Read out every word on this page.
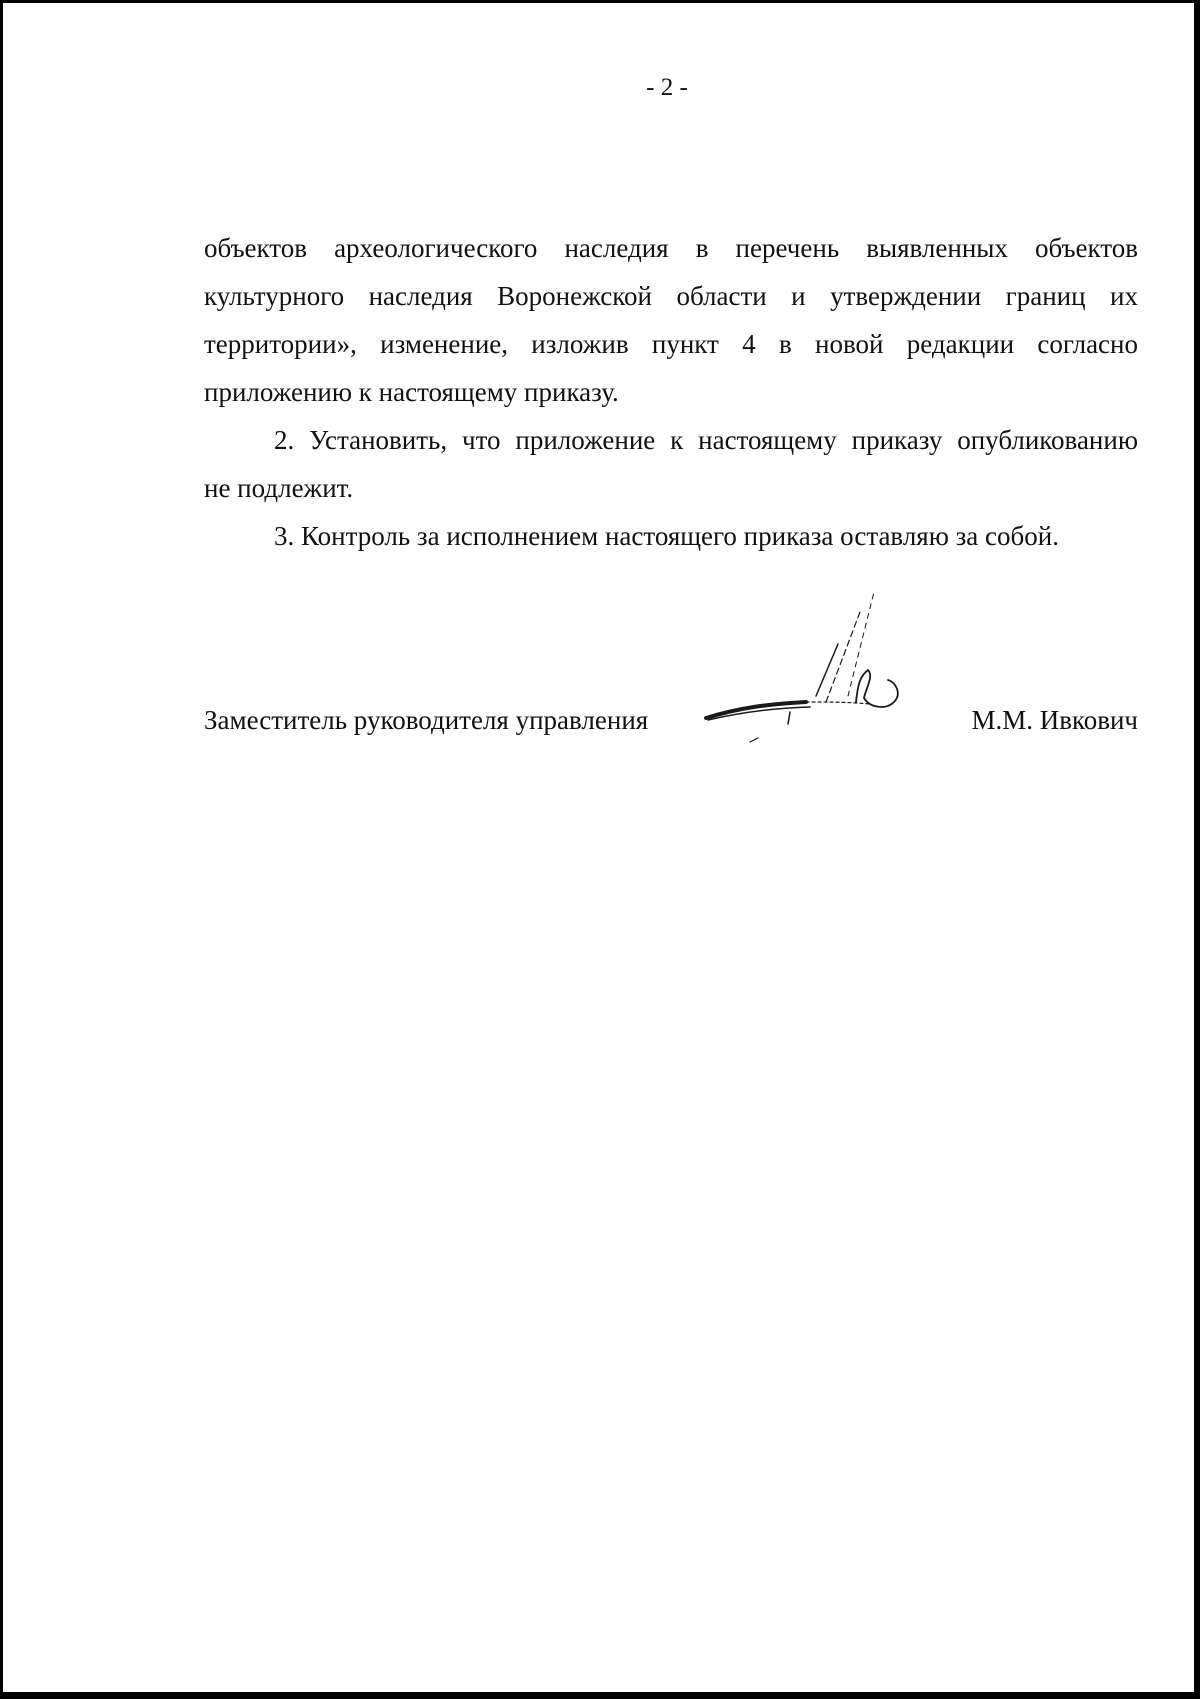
- 2 -
объектов археологического наследия в перечень выявленных объектов
культурного наследия Воронежской области и утверждении границ их
территории», изменение, изложив пункт 4 в новой редакции согласно
приложению к настоящему приказу.
2. Установить, что приложение к настоящему приказу опубликованию
не подлежит.
3. Контроль за исполнением настоящего приказа оставляю за собой.
Заместитель руководителя управления	М.М. Ивкович
